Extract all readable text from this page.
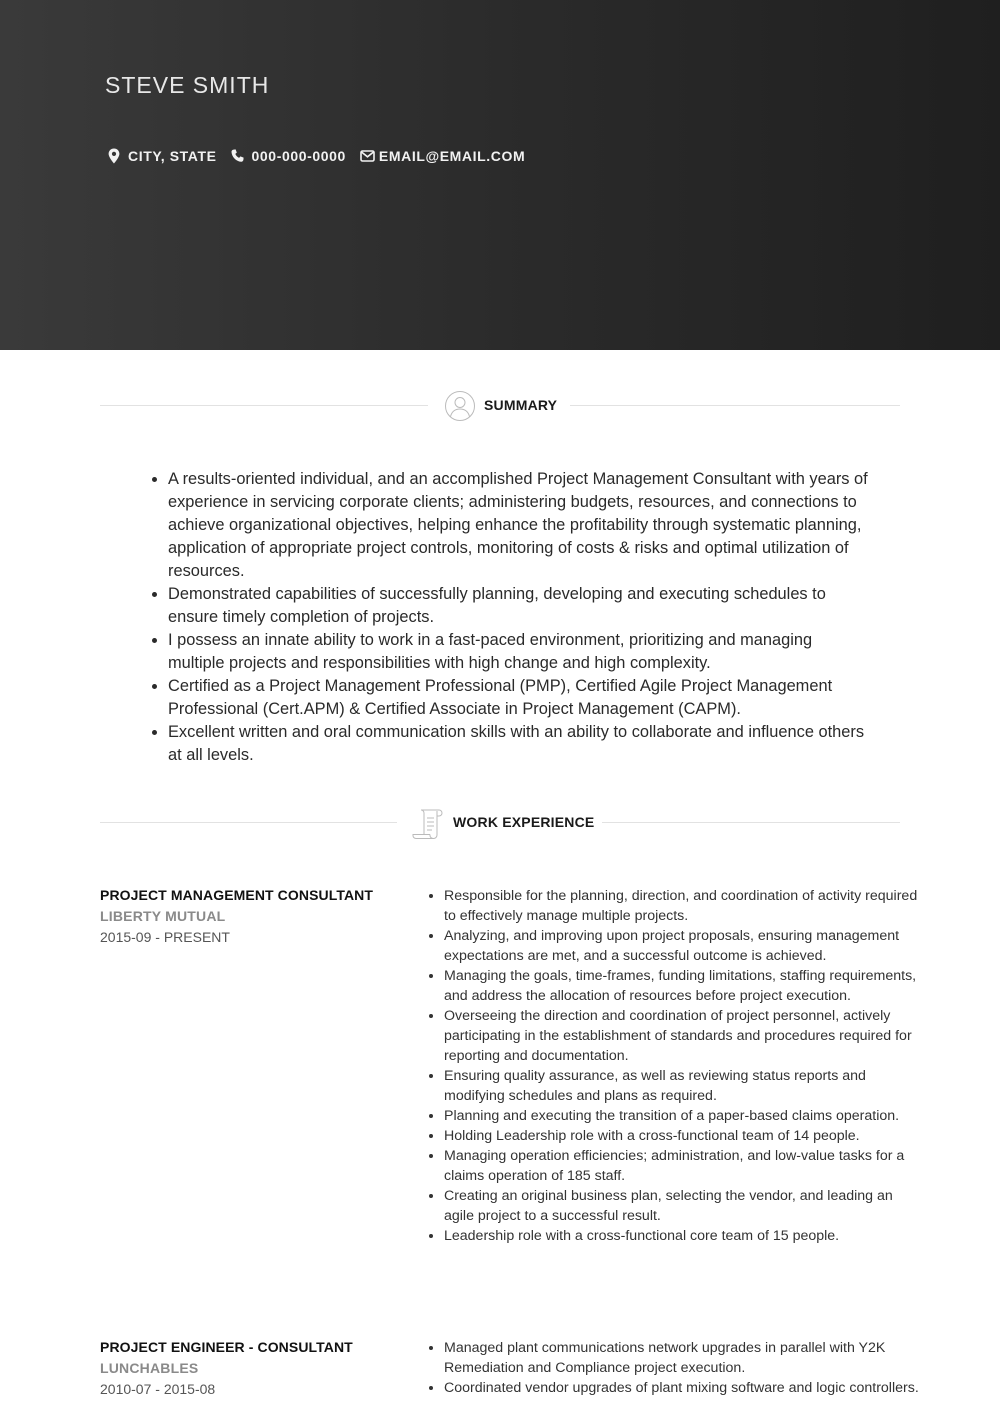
STEVE SMITH
CITY, STATE	000-000-0000 EMAIL@EMAIL.COM
SUMMARY
• A results-oriented individual, and an accomplished Project Management Consultant with years of experience in servicing corporate clients; administering budgets, resources, and connections to achieve organizational objectives, helping enhance the profitability through systematic planning, application of appropriate project controls, monitoring of costs & risks and optimal utilization of resources.
• Demonstrated capabilities of successfully planning, developing and executing schedules to ensure timely completion of projects.
• I possess an innate ability to work in a fast-paced environment, prioritizing and managing multiple projects and responsibilities with high change and high complexity.
• Certified as a Project Management Professional (PMP), Certified Agile Project Management Professional (Cert.APM) & Certified Associate in Project Management (CAPM).
• Excellent written and oral communication skills with an ability to collaborate and influence others at all levels.
WORK EXPERIENCE
PROJECT MANAGEMENT CONSULTANT
LIBERTY MUTUAL
2015-09 - PRESENT
• Responsible for the planning, direction, and coordination of activity required to effectively manage multiple projects.
• Analyzing, and improving upon project proposals, ensuring management expectations are met, and a successful outcome is achieved.
• Managing the goals, time-frames, funding limitations, staffing requirements, and address the allocation of resources before project execution.
• Overseeing the direction and coordination of project personnel, actively participating in the establishment of standards and procedures required for reporting and documentation.
• Ensuring quality assurance, as well as reviewing status reports and modifying schedules and plans as required.
• Planning and executing the transition of a paper-based claims operation.
• Holding Leadership role with a cross-functional team of 14 people.
• Managing operation efficiencies; administration, and low-value tasks for a claims operation of 185 staff.
• Creating an original business plan, selecting the vendor, and leading an agile project to a successful result.
• Leadership role with a cross-functional core team of 15 people.
PROJECT ENGINEER - CONSULTANT
LUNCHABLES
2010-07 - 2015-08
• Managed plant communications network upgrades in parallel with Y2K Remediation and Compliance project execution.
• Coordinated vendor upgrades of plant mixing software and logic controllers.
